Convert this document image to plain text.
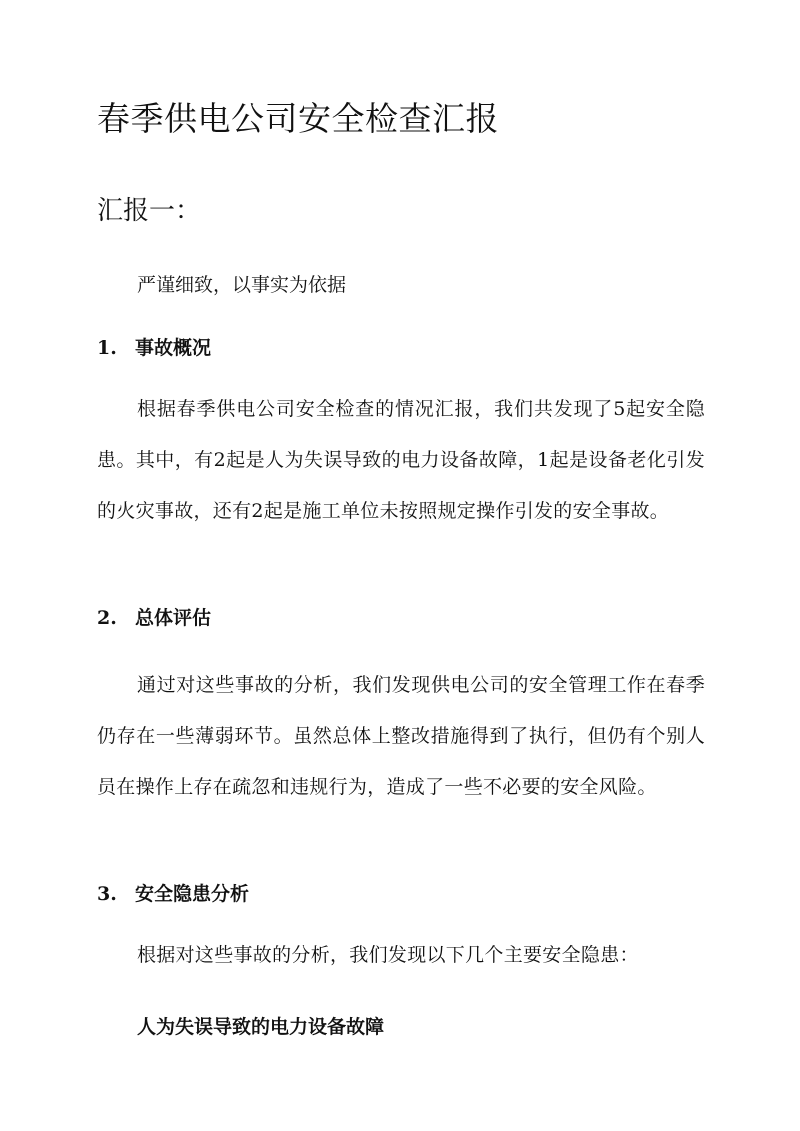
春季供电公司安全检查汇报
汇报一：

严谨细致，以事实为依据

1. 事故概况

根据春季供电公司安全检查的情况汇报，我们共发现了5起安全隐患。其中，有2起是人为失误导致的电力设备故障，1起是设备老化引发的火灾事故，还有2起是施工单位未按照规定操作引发的安全事故。

2. 总体评估

通过对这些事故的分析，我们发现供电公司的安全管理工作在春季仍存在一些薄弱环节。虽然总体上整改措施得到了执行，但仍有个别人员在操作上存在疏忽和违规行为，造成了一些不必要的安全风险。

3. 安全隐患分析

根据对这些事故的分析，我们发现以下几个主要安全隐患：

人为失误导致的电力设备故障
